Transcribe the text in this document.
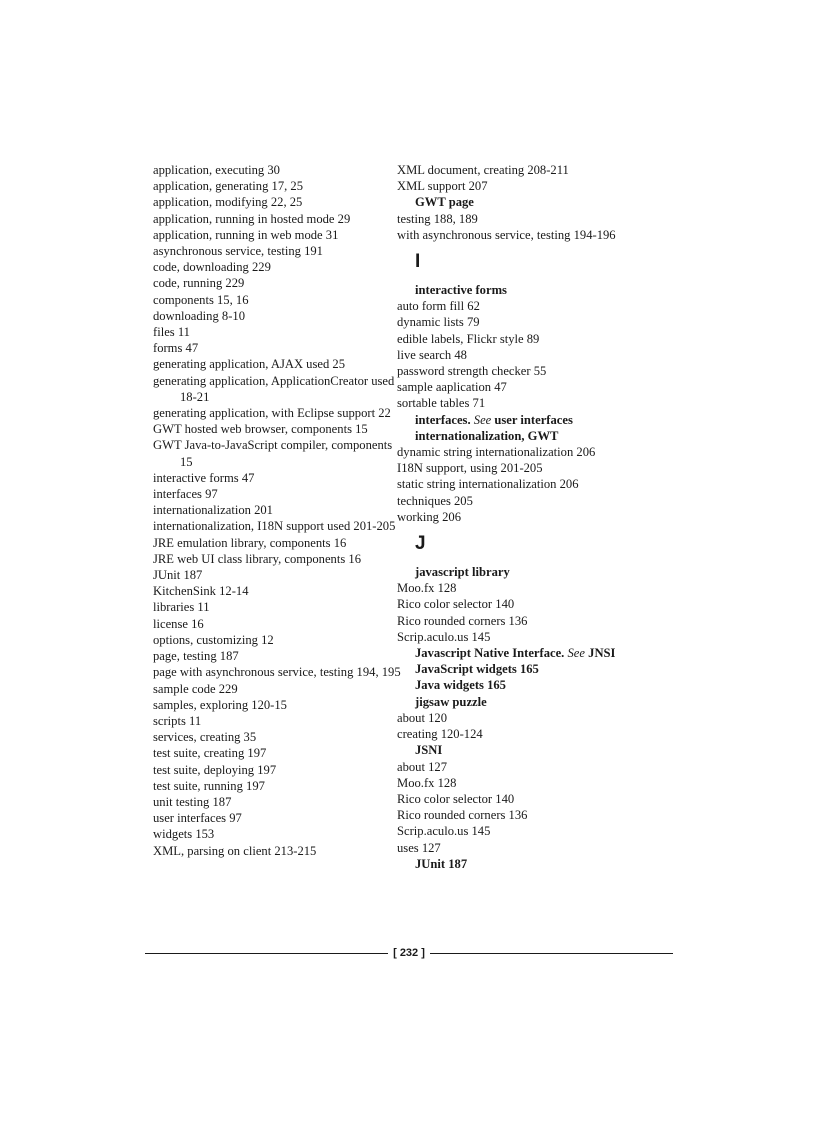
application, executing 30
application, generating 17, 25
application, modifying 22, 25
application, running in hosted mode 29
application, running in web mode 31
asynchronous service, testing 191
code, downloading 229
code, running 229
components 15, 16
downloading 8-10
files 11
forms 47
generating application, AJAX used 25
generating application, ApplicationCreator used 18-21
generating application, with Eclipse support 22
GWT hosted web browser, components 15
GWT Java-to-JavaScript compiler, components 15
interactive forms 47
interfaces 97
internationalization 201
internationalization, I18N support used 201-205
JRE emulation library, components 16
JRE web UI class library, components 16
JUnit 187
KitchenSink 12-14
libraries 11
license 16
options, customizing 12
page, testing 187
page with asynchronous service, testing 194, 195
sample code 229
samples, exploring 120-15
scripts 11
services, creating 35
test suite, creating 197
test suite, deploying 197
test suite, running 197
unit testing 187
user interfaces 97
widgets 153
XML, parsing on client 213-215
XML document, creating 208-211
XML support 207
GWT page
testing 188, 189
with asynchronous service, testing 194-196
I
interactive forms
auto form fill 62
dynamic lists 79
edible labels, Flickr style 89
live search 48
password strength checker 55
sample aaplication 47
sortable tables 71
interfaces. See user interfaces
internationalization, GWT
dynamic string internationalization 206
I18N support, using 201-205
static string internationalization 206
techniques 205
working 206
J
javascript library
Moo.fx 128
Rico color selector 140
Rico rounded corners 136
Scrip.aculo.us 145
Javascript Native Interface. See JNSI
JavaScript widgets 165
Java widgets 165
jigsaw puzzle
about 120
creating 120-124
JSNI
about 127
Moo.fx 128
Rico color selector 140
Rico rounded corners 136
Scrip.aculo.us 145
uses 127
JUnit 187
[ 232 ]
